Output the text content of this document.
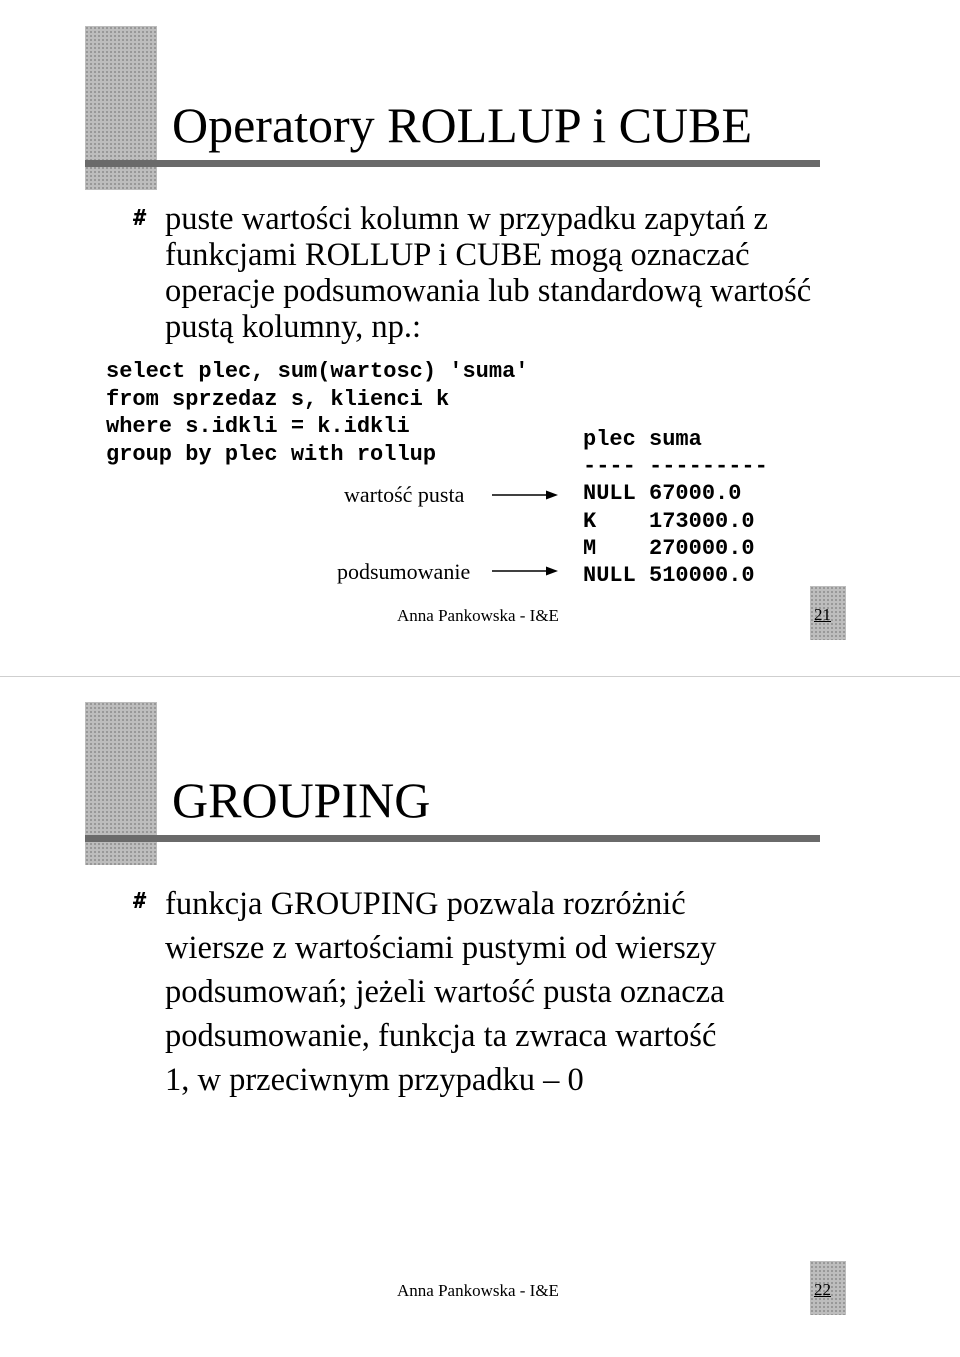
Operatory ROLLUP i CUBE
# puste wartości kolumn w przypadku zapytań z
funkcjami ROLLUP i CUBE mogą oznaczać
operacje podsumowania lub standardową wartość
pustą kolumny, np.:
select plec, sum(wartosc) 'suma'
from sprzedaz s, klienci k
where s.idkli = k.idkli
group by plec with rollup
wartość pusta
podsumowanie
plec suma
---- ---------
NULL 67000.0
K    173000.0
M    270000.0
NULL 510000.0
Anna Pankowska - I&E	21
GROUPING
# funkcja GROUPING pozwala rozróżnić
wiersze z wartościami pustymi od wierszy
podsumowań; jeżeli wartość pusta oznacza
podsumowanie, funkcja ta zwraca wartość
1, w przeciwnym przypadku – 0
Anna Pankowska - I&E	22
